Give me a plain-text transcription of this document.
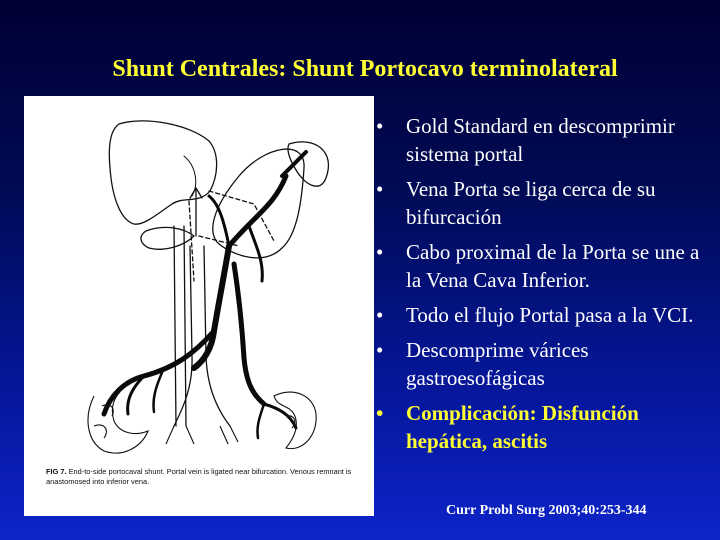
Shunt Centrales: Shunt Portocavo terminolateral
FIG 7. End-to-side portocaval shunt. Portal vein is ligated near bifurcation. Venous remnant is anastomosed into inferior vena.
• Gold Standard en descomprimir sistema portal
• Vena Porta se liga cerca de su bifurcación
• Cabo proximal de la Porta se une a la Vena Cava Inferior.
• Todo el flujo Portal pasa a la VCI.
• Descomprime várices gastroesofágicas
• Complicación: Disfunción hepática, ascitis
Curr Probl Surg 2003;40:253-344
